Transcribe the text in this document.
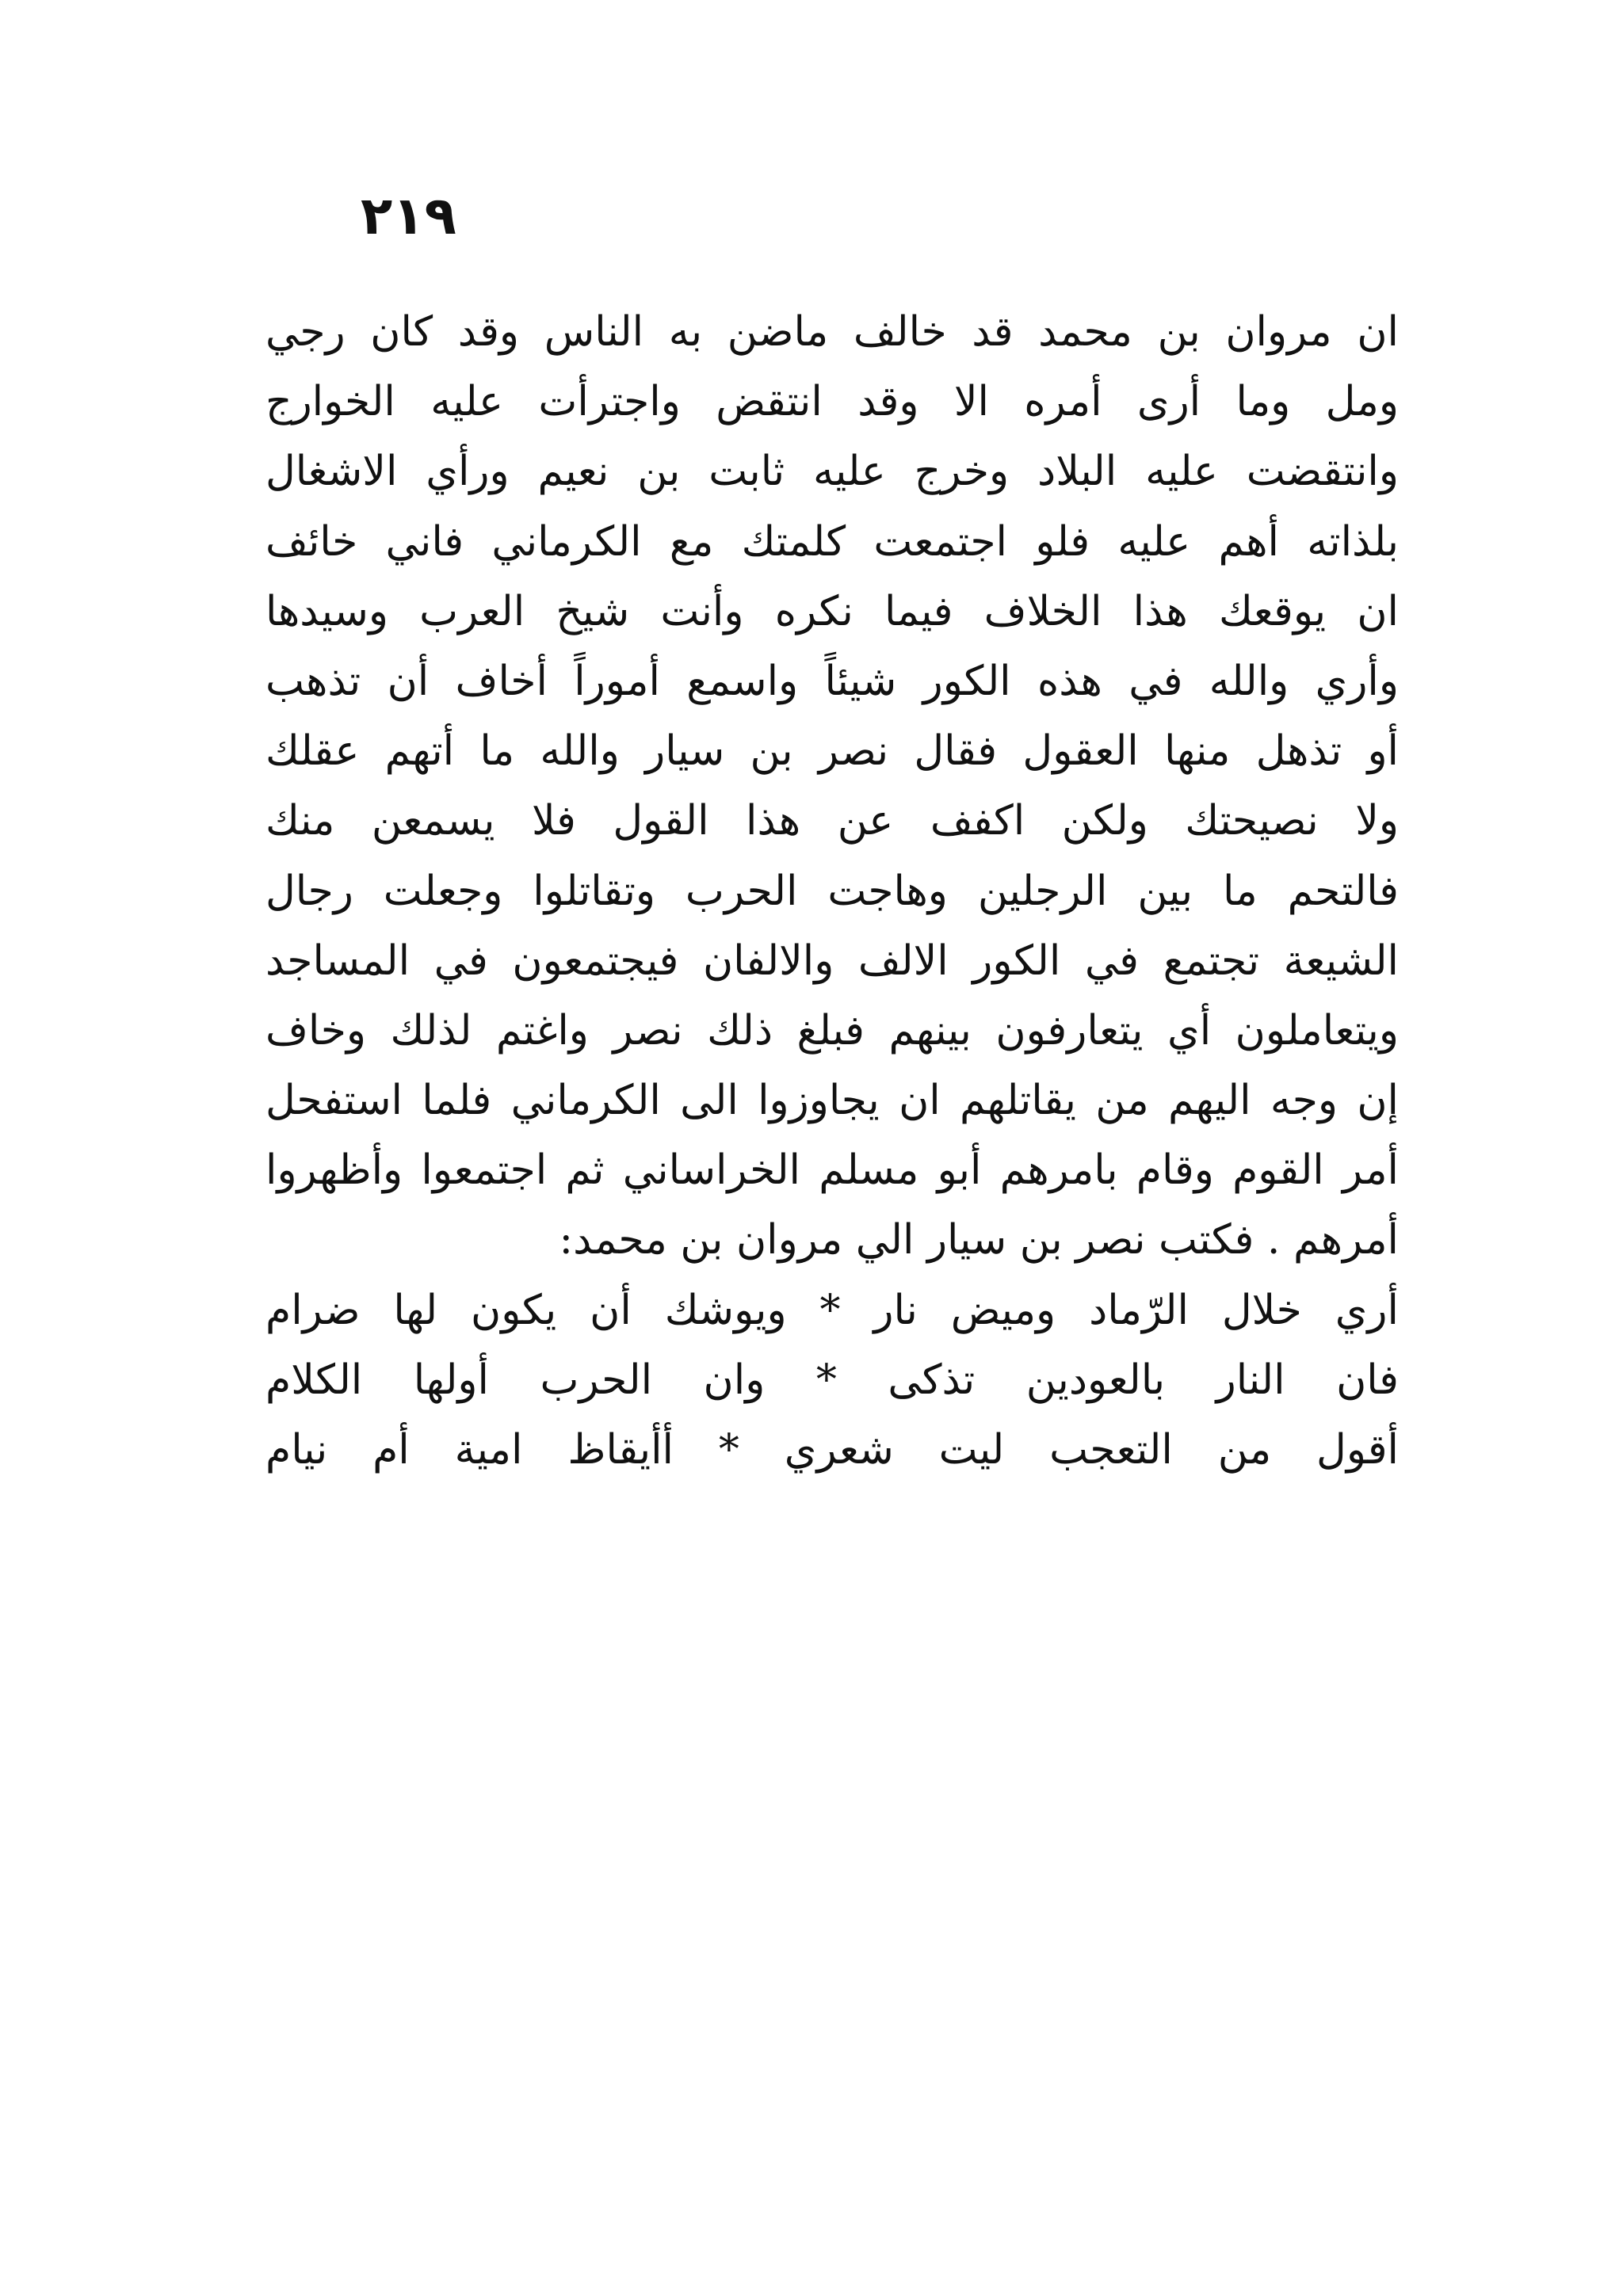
٢١٩
ان مروان بن محمد قد خالف ماضن به الناس وقد كان رجي
ومل وما أرى أمره الا وقد انتقض واجترأت عليه الخوارج
وانتقضت عليه البلاد وخرج عليه ثابت بن نعيم ورأي الاشغال
بلذاته أهم عليه فلو اجتمعت كلمتك مع الكرماني فاني خائف
ان يوقعك هذا الخلاف فيما نكره وأنت شيخ العرب وسيدها
وأري والله في هذه الكور شيئاً واسمع أموراً أخاف أن تذهب
أو تذهل منها العقول فقال نصر بن سيار والله ما أتهم عقلك
ولا نصيحتك ولكن اكفف عن هذا القول فلا يسمعن منك
فالتحم ما بين الرجلين وهاجت الحرب وتقاتلوا وجعلت رجال
الشيعة تجتمع في الكور الالف والالفان فيجتمعون في المساجد
ويتعاملون أي يتعارفون بينهم فبلغ ذلك نصر واغتم لذلك وخاف
إن وجه اليهم من يقاتلهم ان يجاوزوا الى الكرماني فلما استفحل
أمر القوم وقام بامرهم أبو مسلم الخراساني ثم اجتمعوا وأظهروا
أمرهم . فكتب نصر بن سيار الي مروان بن محمد:
أري خلال الرّماد وميض نار * ويوشك أن يكون لها ضرام
فان النار بالعودين تذكى * وان الحرب أولها الكلام
أقول من التعجب ليت شعري * أأيقاظ امية أم نيام
